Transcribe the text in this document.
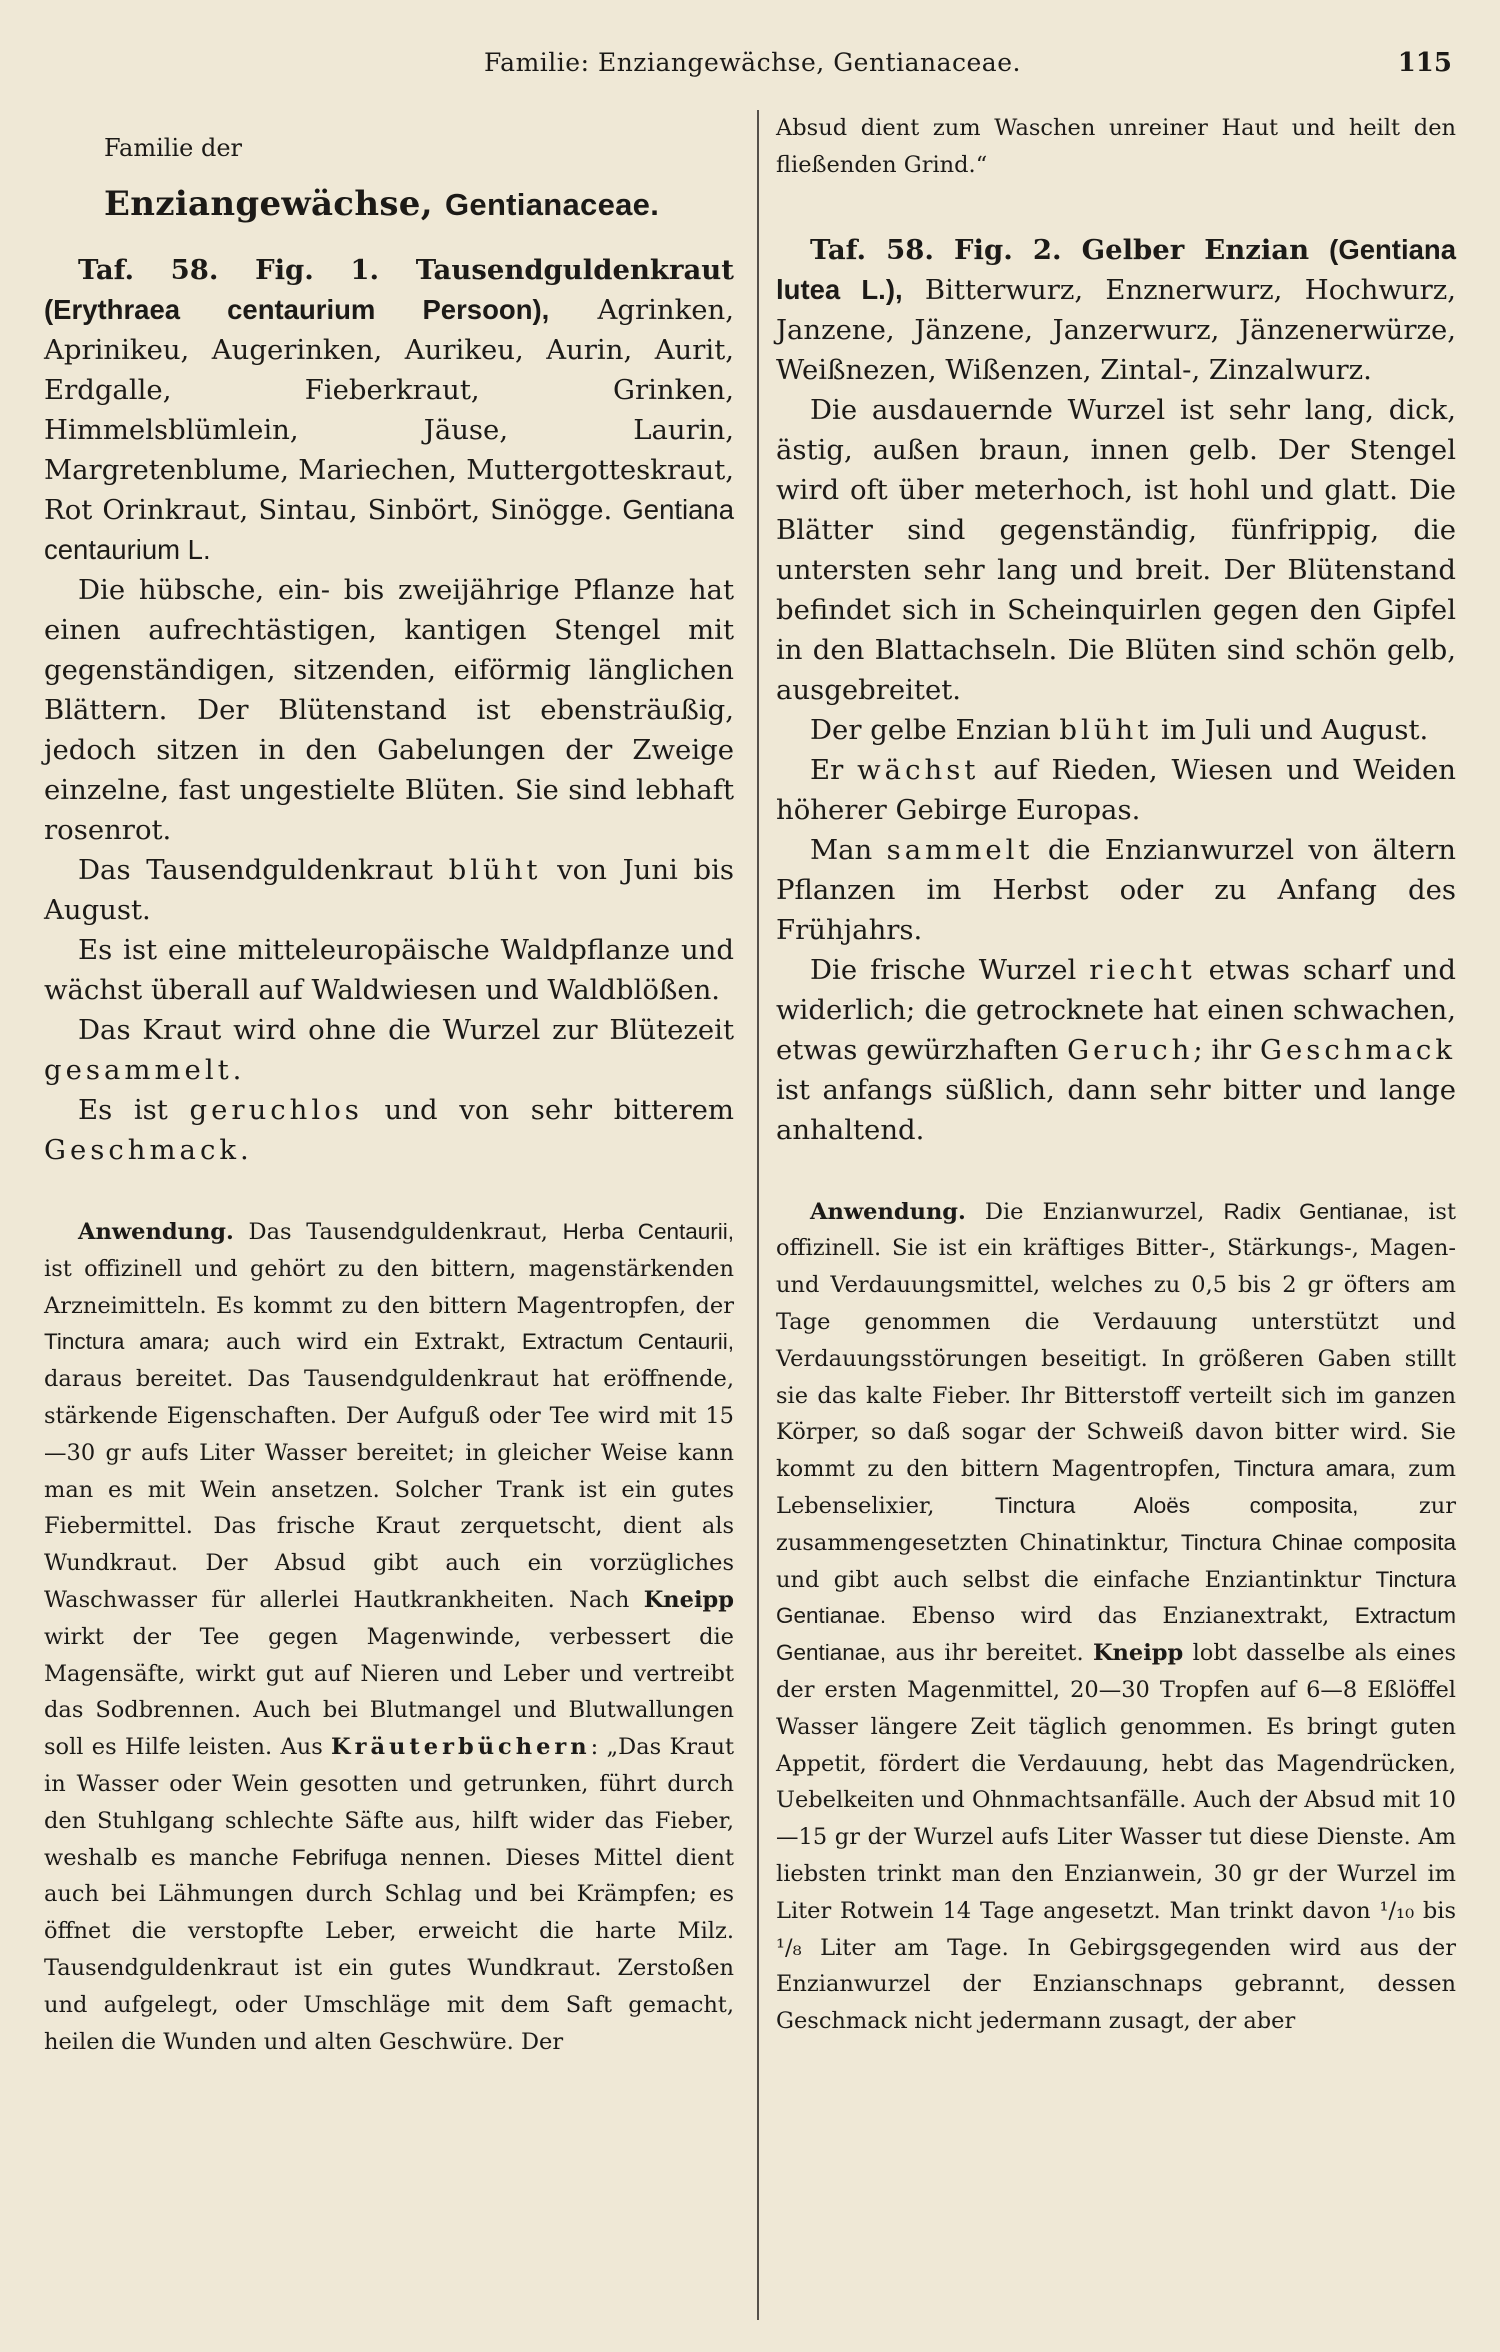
Familie: Enziangewächse, Gentianaceae.	115
Familie der
Enziangewächse, Gentianaceae.

Taf. 58. Fig. 1. Tausendguldenkraut (Erythraea centaurium Persoon), Agrinken, Aprinikeu, Augerinken, Aurikeu, Aurin, Aurit, Erdgalle, Fieberkraut, Grinken, Himmelsblümlein, Jäuse, Laurin, Margretenblume, Mariechen, Muttergotteskraut, Rot Orinkraut, Sintau, Sinbört, Sinögge. Gentiana centaurium L.

Die hübsche, ein- bis zweijährige Pflanze hat einen aufrechtästigen, kantigen Stengel mit gegenständigen, sitzenden, eiförmig länglichen Blättern. Der Blütenstand ist ebensträußig, jedoch sitzen in den Gabelungen der Zweige einzelne, fast ungestielte Blüten. Sie sind lebhaft rosenrot.

Das Tausendguldenkraut blüht von Juni bis August.

Es ist eine mitteleuropäische Waldpflanze und wächst überall auf Waldwiesen und Waldblößen.

Das Kraut wird ohne die Wurzel zur Blütezeit gesammelt.

Es ist geruchlos und von sehr bitterem Geschmack.

Anwendung. Das Tausendguldenkraut, Herba Centaurii, ist offizinell und gehört zu den bittern, magenstärkenden Arzneimitteln. Es kommt zu den bittern Magentropfen, der Tinctura amara; auch wird ein Extrakt, Extractum Centaurii, daraus bereitet. Das Tausendguldenkraut hat eröffnende, stärkende Eigenschaften. Der Aufguß oder Tee wird mit 15—30 gr aufs Liter Wasser bereitet; in gleicher Weise kann man es mit Wein ansetzen. Solcher Trank ist ein gutes Fiebermittel. Das frische Kraut zerquetscht, dient als Wundkraut. Der Absud gibt auch ein vorzügliches Waschwasser für allerlei Hautkrankheiten. Nach Kneipp wirkt der Tee gegen Magenwinde, verbessert die Magensäfte, wirkt gut auf Nieren und Leber und vertreibt das Sodbrennen. Auch bei Blutmangel und Blutwallungen soll es Hilfe leisten. Aus Kräuterbüchern: „Das Kraut in Wasser oder Wein gesotten und getrunken, führt durch den Stuhlgang schlechte Säfte aus, hilft wider das Fieber, weshalb es manche Febrifuga nennen. Dieses Mittel dient auch bei Lähmungen durch Schlag und bei Krämpfen; es öffnet die verstopfte Leber, erweicht die harte Milz. Tausendguldenkraut ist ein gutes Wundkraut. Zerstoßen und aufgelegt, oder Umschläge mit dem Saft gemacht, heilen die Wunden und alten Geschwüre. Der

Absud dient zum Waschen unreiner Haut und heilt den fließenden Grind.“

Taf. 58. Fig. 2. Gelber Enzian (Gentiana lutea L.), Bitterwurz, Enznerwurz, Hochwurz, Janzene, Jänzene, Janzerwurz, Jänzenerwürze, Weißnezen, Wißenzen, Zintal-, Zinzalwurz.

Die ausdauernde Wurzel ist sehr lang, dick, ästig, außen braun, innen gelb. Der Stengel wird oft über meterhoch, ist hohl und glatt. Die Blätter sind gegenständig, fünfrippig, die untersten sehr lang und breit. Der Blütenstand befindet sich in Scheinquirlen gegen den Gipfel in den Blattachseln. Die Blüten sind schön gelb, ausgebreitet.

Der gelbe Enzian blüht im Juli und August.

Er wächst auf Rieden, Wiesen und Weiden höherer Gebirge Europas.

Man sammelt die Enzianwurzel von ältern Pflanzen im Herbst oder zu Anfang des Frühjahrs.

Die frische Wurzel riecht etwas scharf und widerlich; die getrocknete hat einen schwachen, etwas gewürzhaften Geruch; ihr Geschmack ist anfangs süßlich, dann sehr bitter und lange anhaltend.

Anwendung. Die Enzianwurzel, Radix Gentianae, ist offizinell. Sie ist ein kräftiges Bitter-, Stärkungs-, Magen- und Verdauungsmittel, welches zu 0,5 bis 2 gr öfters am Tage genommen die Verdauung unterstützt und Verdauungsstörungen beseitigt. In größeren Gaben stillt sie das kalte Fieber. Ihr Bitterstoff verteilt sich im ganzen Körper, so daß sogar der Schweiß davon bitter wird. Sie kommt zu den bittern Magentropfen, Tinctura amara, zum Lebenselixier, Tinctura Aloës composita, zur zusammengesetzten Chinatinktur, Tinctura Chinae composita und gibt auch selbst die einfache Enziantinktur Tinctura Gentianae. Ebenso wird das Enzianextrakt, Extractum Gentianae, aus ihr bereitet. Kneipp lobt dasselbe als eines der ersten Magenmittel, 20—30 Tropfen auf 6—8 Eßlöffel Wasser längere Zeit täglich genommen. Es bringt guten Appetit, fördert die Verdauung, hebt das Magendrücken, Uebelkeiten und Ohnmachtsanfälle. Auch der Absud mit 10—15 gr der Wurzel aufs Liter Wasser tut diese Dienste. Am liebsten trinkt man den Enzianwein, 30 gr der Wurzel im Liter Rotwein 14 Tage angesetzt. Man trinkt davon ¹/₁₀ bis ¹/₈ Liter am Tage. In Gebirgsgegenden wird aus der Enzianwurzel der Enzianschnaps gebrannt, dessen Geschmack nicht jedermann zusagt, der aber
